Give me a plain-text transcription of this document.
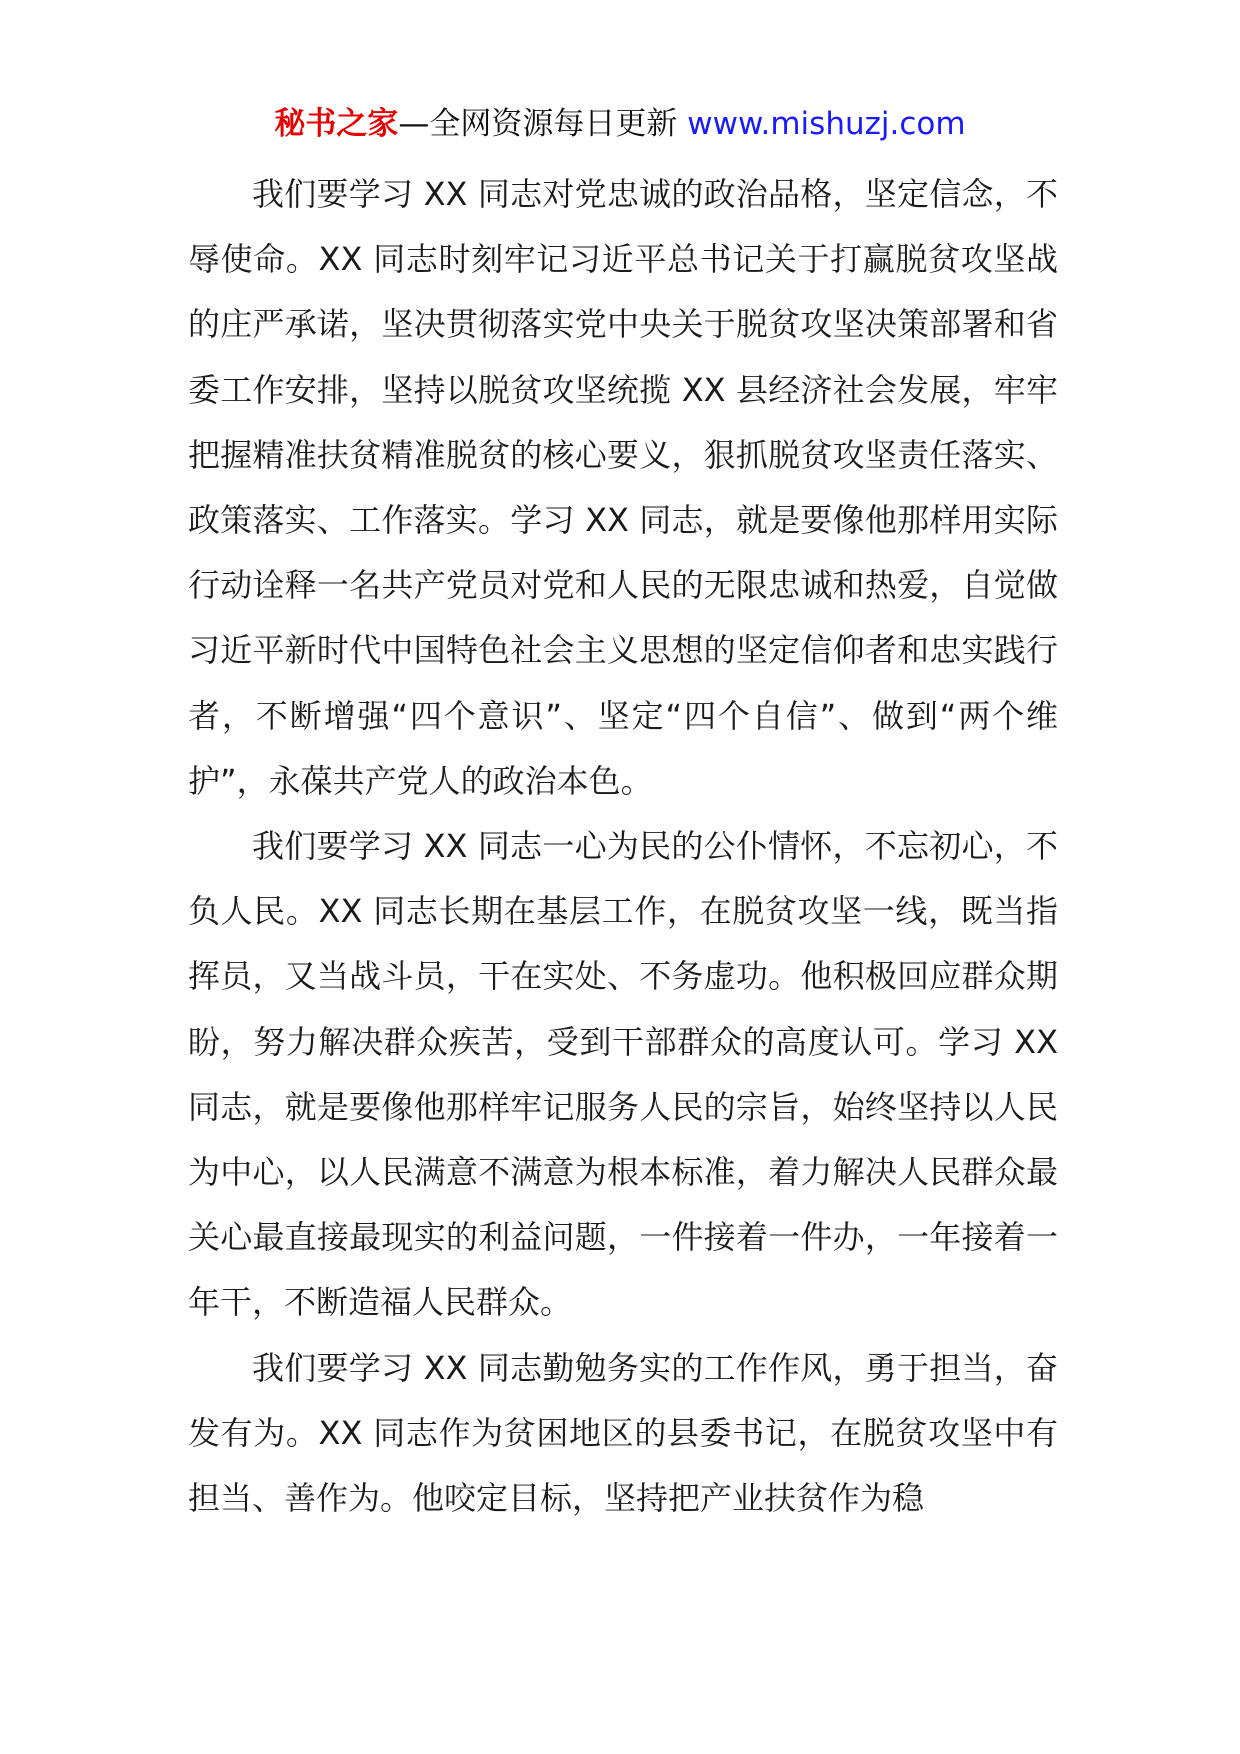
秘书之家—全网资源每日更新 www.mishuzj.com

我们要学习 XX 同志对党忠诚的政治品格，坚定信念，不辱使命。XX 同志时刻牢记习近平总书记关于打赢脱贫攻坚战的庄严承诺，坚决贯彻落实党中央关于脱贫攻坚决策部署和省委工作安排，坚持以脱贫攻坚统揽 XX 县经济社会发展，牢牢把握精准扶贫精准脱贫的核心要义，狠抓脱贫攻坚责任落实、政策落实、工作落实。学习 XX 同志，就是要像他那样用实际行动诠释一名共产党员对党和人民的无限忠诚和热爱，自觉做习近平新时代中国特色社会主义思想的坚定信仰者和忠实践行者，不断增强“四个意识”、坚定“四个自信”、做到“两个维护”，永葆共产党人的政治本色。

我们要学习 XX 同志一心为民的公仆情怀，不忘初心，不负人民。XX 同志长期在基层工作，在脱贫攻坚一线，既当指挥员，又当战斗员，干在实处、不务虚功。他积极回应群众期盼，努力解决群众疾苦，受到干部群众的高度认可。学习 XX 同志，就是要像他那样牢记服务人民的宗旨，始终坚持以人民为中心，以人民满意不满意为根本标准，着力解决人民群众最关心最直接最现实的利益问题，一件接着一件办，一年接着一年干，不断造福人民群众。

我们要学习 XX 同志勤勉务实的工作作风，勇于担当，奋发有为。XX 同志作为贫困地区的县委书记，在脱贫攻坚中有担当、善作为。他咬定目标，坚持把产业扶贫作为稳
